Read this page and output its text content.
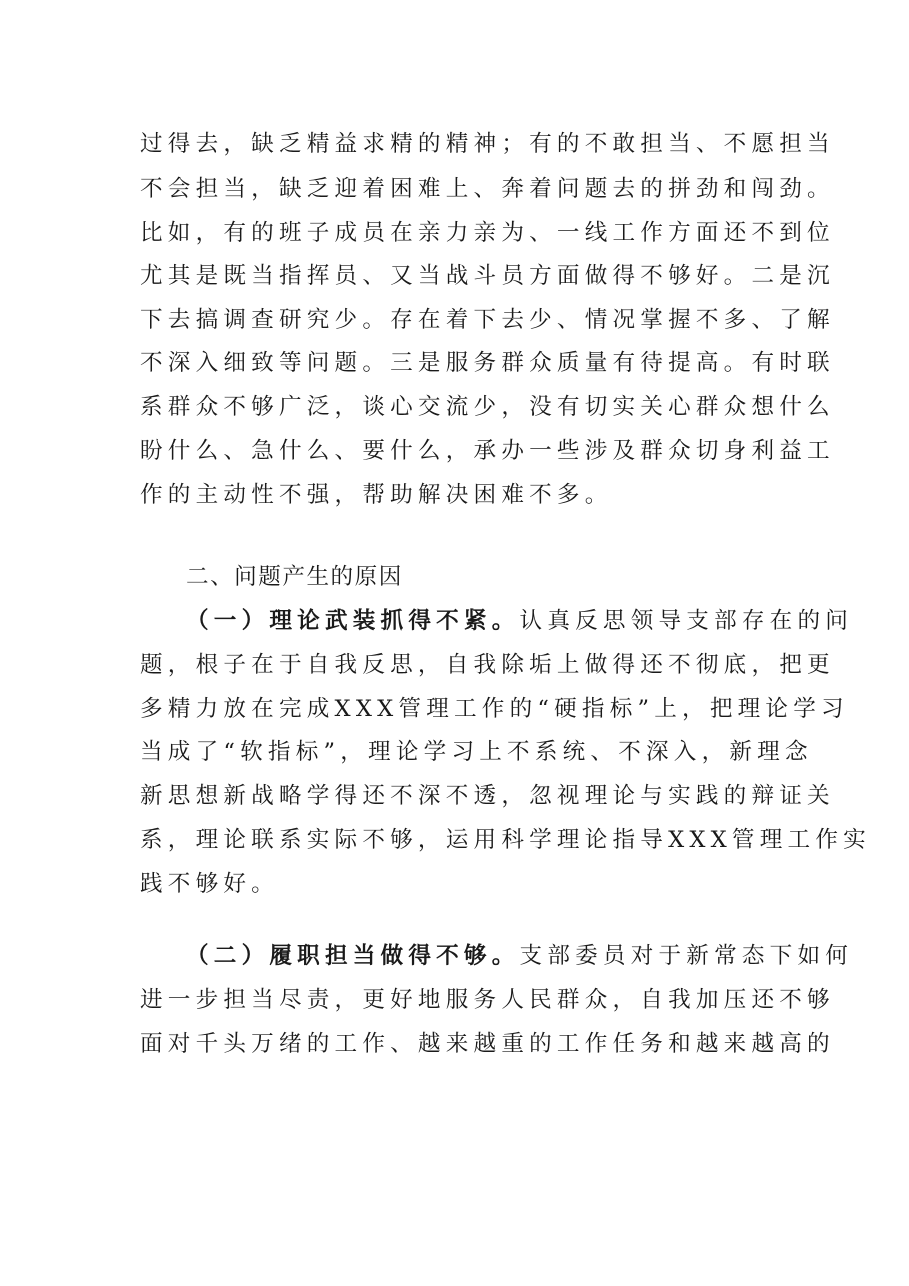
过得去，缺乏精益求精的精神；有的不敢担当、不愿担当
不会担当，缺乏迎着困难上、奔着问题去的拼劲和闯劲。
比如，有的班子成员在亲力亲为、一线工作方面还不到位
尤其是既当指挥员、又当战斗员方面做得不够好。二是沉
下去搞调查研究少。存在着下去少、情况掌握不多、了解
不深入细致等问题。三是服务群众质量有待提高。有时联
系群众不够广泛，谈心交流少，没有切实关心群众想什么
盼什么、急什么、要什么，承办一些涉及群众切身利益工
作的主动性不强，帮助解决困难不多。
二、问题产生的原因
（一）理论武装抓得不紧。认真反思领导支部存在的问
题，根子在于自我反思，自我除垢上做得还不彻底，把更
多精力放在完成XXX管理工作的“硬指标”上，把理论学习
当成了“软指标”，理论学习上不系统、不深入，新理念
新思想新战略学得还不深不透，忽视理论与实践的辩证关
系，理论联系实际不够，运用科学理论指导XXX管理工作实
践不够好。
（二）履职担当做得不够。支部委员对于新常态下如何
进一步担当尽责，更好地服务人民群众，自我加压还不够
面对千头万绪的工作、越来越重的工作任务和越来越高的
